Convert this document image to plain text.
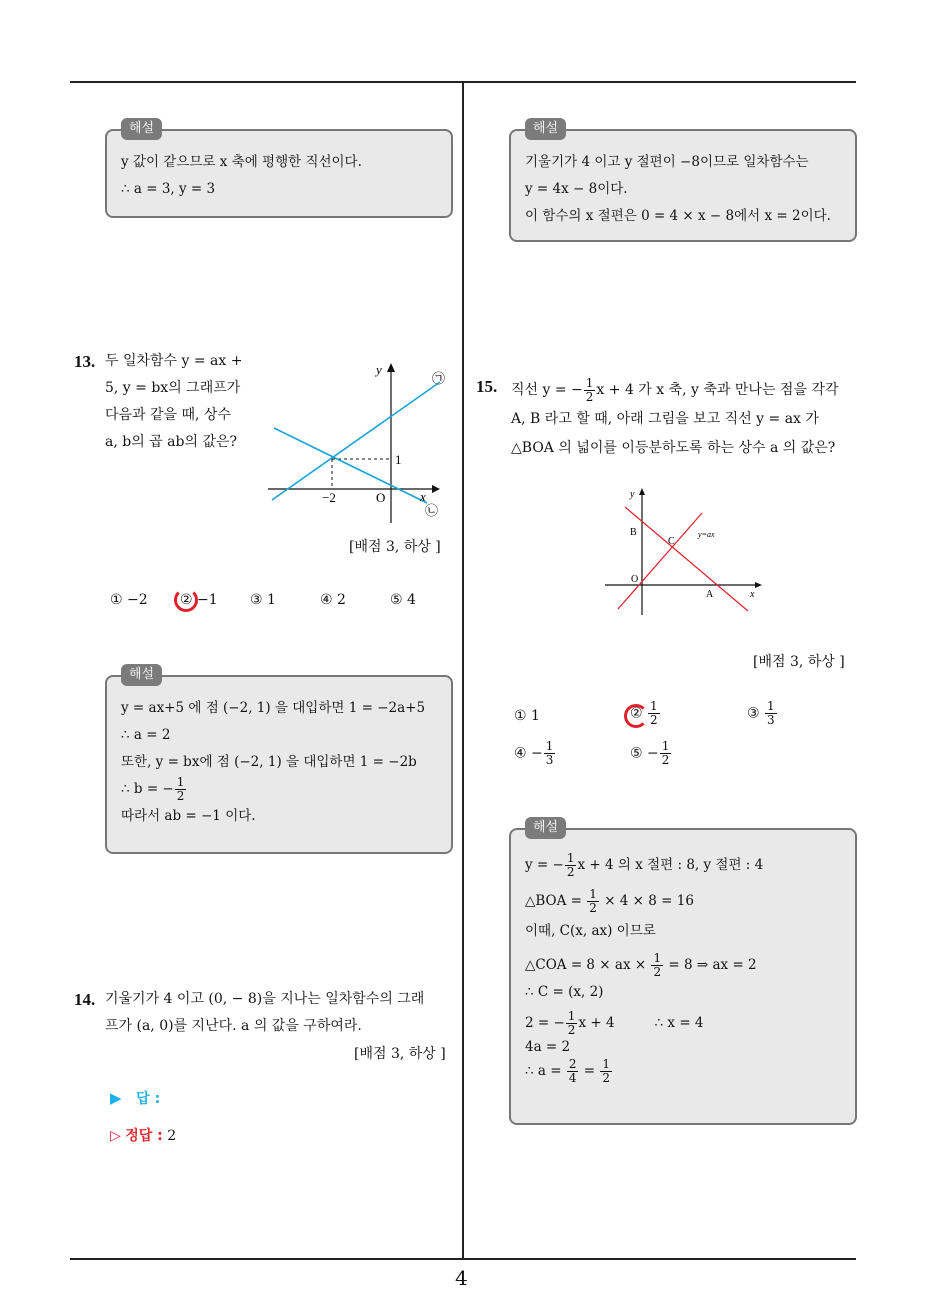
4
해설
y 값이 같으므로 x 축에 평행한 직선이다.
∴ a = 3, y = 3
13. 두 일차함수 y = ax +
5, y = bx의 그래프가
다음과 같을 때, 상수
a, b의 곱 ab의 값은?
y
x
O
−2
1
㉠
㉡
[배점 3, 하상 ]
① −2 ② −1 ③ 1	④ 2	⑤ 4
해설
y = ax+5 에 점 (−2, 1) 을 대입하면 1 = −2a+5
∴ a = 2
또한, y = bx에 점 (−2, 1) 을 대입하면 1 = −2b
∴ b = − $\frac{1}{2}$
따라서 ab = −1 이다.
14. 기울기가 4 이고 (0, − 8)을 지나는 일차함수의 그래
프가 (a, 0)를 지난다. a 의 값을 구하여라.
[배점 3, 하상 ]
▶ 답 :
▷ 정답 : 2
해설
기울기가 4 이고 y 절편이 −8이므로 일차함수는
y = 4x − 8이다.
이 함수의 x 절편은 0 = 4 × x − 8에서 x = 2이다.
15. 직선 y = − $\frac{1}{2}$ x + 4 가 x 축, y 축과 만나는 점을 각각
A, B 라고 할 때, 아래 그림을 보고 직선 y = ax 가
△BOA 의 넓이를 이등분하도록 하는 상수 a 의 값은?
y
x
O
B
C
A
y=ax
[배점 3, 하상 ]
① 1	② $\frac{1}{2}$	③ $\frac{1}{3}$
④ − $\frac{1}{3}$	⑤ − $\frac{1}{2}$
해설
y = − $\frac{1}{2}$ x + 4 의 x 절편 : 8, y 절편 : 4
△BOA = $\frac{1}{2} \times 4 \times 8 = 16$
이때, C(x, ax) 이므로
△COA = 8 × ax × $\frac{1}{2} = 8$ ⇒ ax = 2
∴ C = (x, 2)
2 = − $\frac{1}{2}$ x + 4	∴ x = 4
4a = 2
∴ $a = \frac{2}{4} = \frac{1}{2}$
